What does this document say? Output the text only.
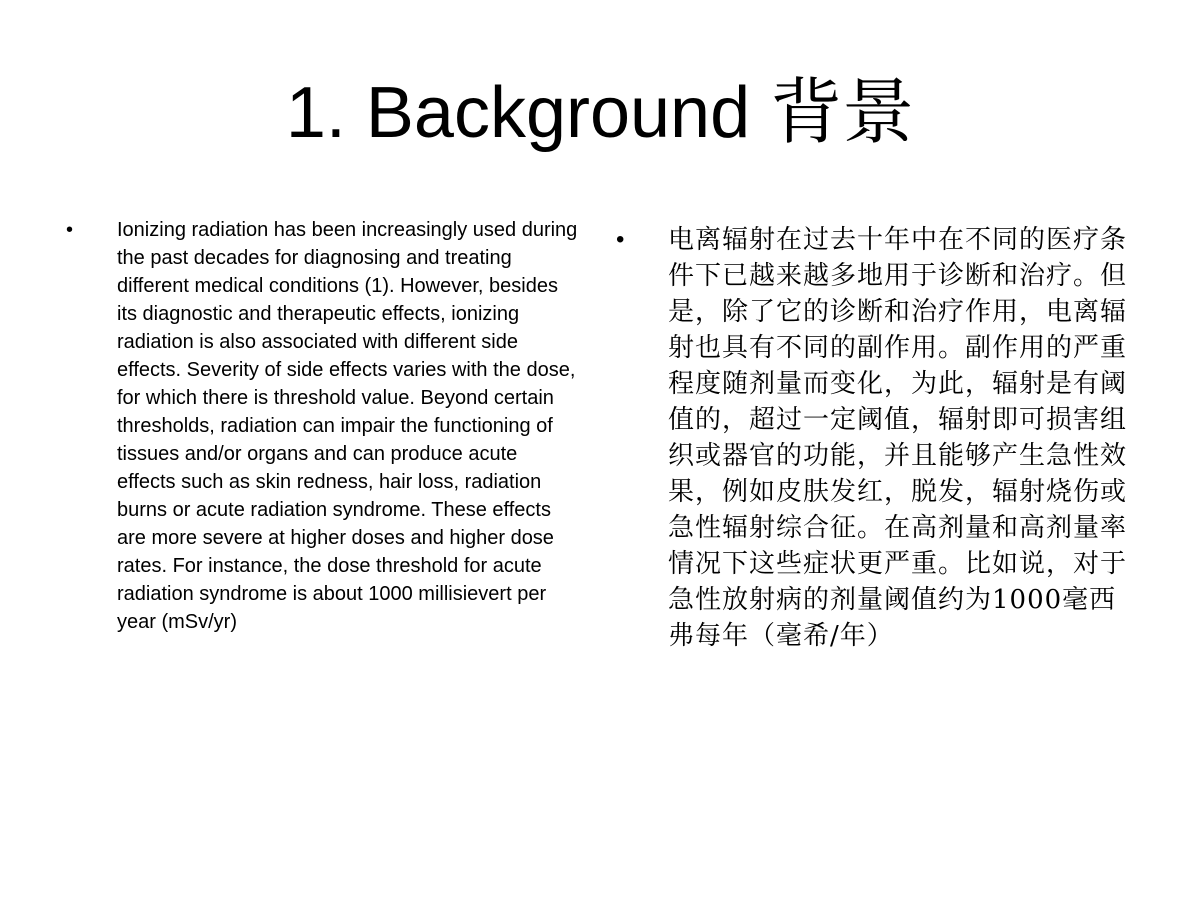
1. Background 背景
•	Ionizing radiation has been increasingly used during the past decades for diagnosing and treating different medical conditions (1). However, besides its diagnostic and therapeutic effects, ionizing radiation is also associated with different side effects. Severity of side effects varies with the dose, for which there is threshold value. Beyond certain thresholds, radiation can impair the functioning of tissues and/or organs and can produce acute effects such as skin redness, hair loss, radiation burns or acute radiation syndrome. These effects are more severe at higher doses and higher dose rates. For instance, the dose threshold for acute radiation syndrome is about 1000 millisievert per year (mSv/yr)
•	电离辐射在过去十年中在不同的医疗条件下已越来越多地用于诊断和治疗。但是，除了它的诊断和治疗作用，电离辐射也具有不同的副作用。副作用的严重程度随剂量而变化，为此，辐射是有阈值的，超过一定阈值，辐射即可损害组织或器官的功能，并且能够产生急性效果，例如皮肤发红，脱发，辐射烧伤或急性辐射综合征。在高剂量和高剂量率情况下这些症状更严重。比如说，对于急性放射病的剂量阈值约为1000毫西弗每年（毫希/年）
